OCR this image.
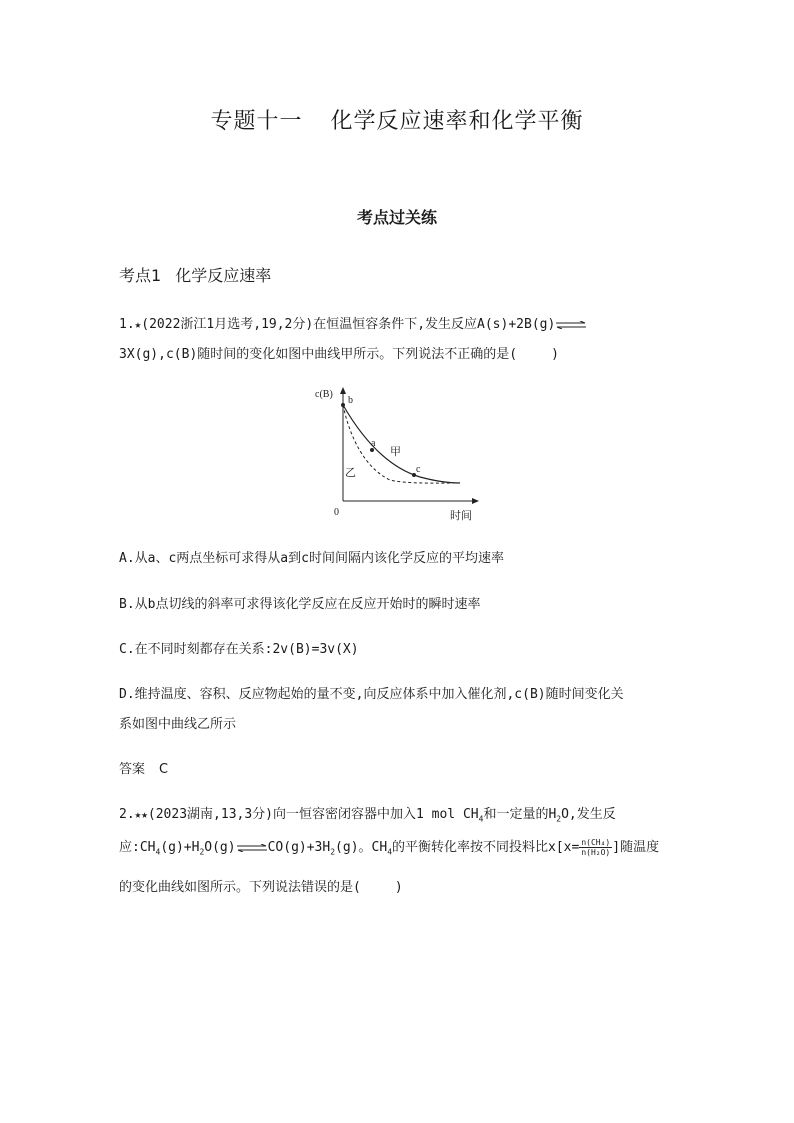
专题十一 化学反应速率和化学平衡
考点过关练
考点1 化学反应速率
1.★(2022浙江1月选考,19,2分)在恒温恒容条件下,发生反应A(s)+2B(g)⇌
3X(g),c(B)随时间的变化如图中曲线甲所示。下列说法不正确的是(	)
c(B)
时间
0
b
a
c
甲
乙
A.从a、c两点坐标可求得从a到c时间间隔内该化学反应的平均速率
B.从b点切线的斜率可求得该化学反应在反应开始时的瞬时速率
C.在不同时刻都存在关系:2v(B)=3v(X)
D.维持温度、容积、反应物起始的量不变,向反应体系中加入催化剂,c(B)随时间变化关
系如图中曲线乙所示
答案 C
2.★★(2023湖南,13,3分)向一恒容密闭容器中加入1 mol $CH_4$和一定量的$H_2O$,发生反
应$:CH_4(g)+H_2O(g)\rightleftharpoons CO(g)+3H_2(g)$。$CH_4$的平衡转化率按不同投料比$x[x= \frac{\text{n(CH₄)}}{\text{n(H₂O)}}$ ]随温度
的变化曲线如图所示。下列说法错误的是(	)
